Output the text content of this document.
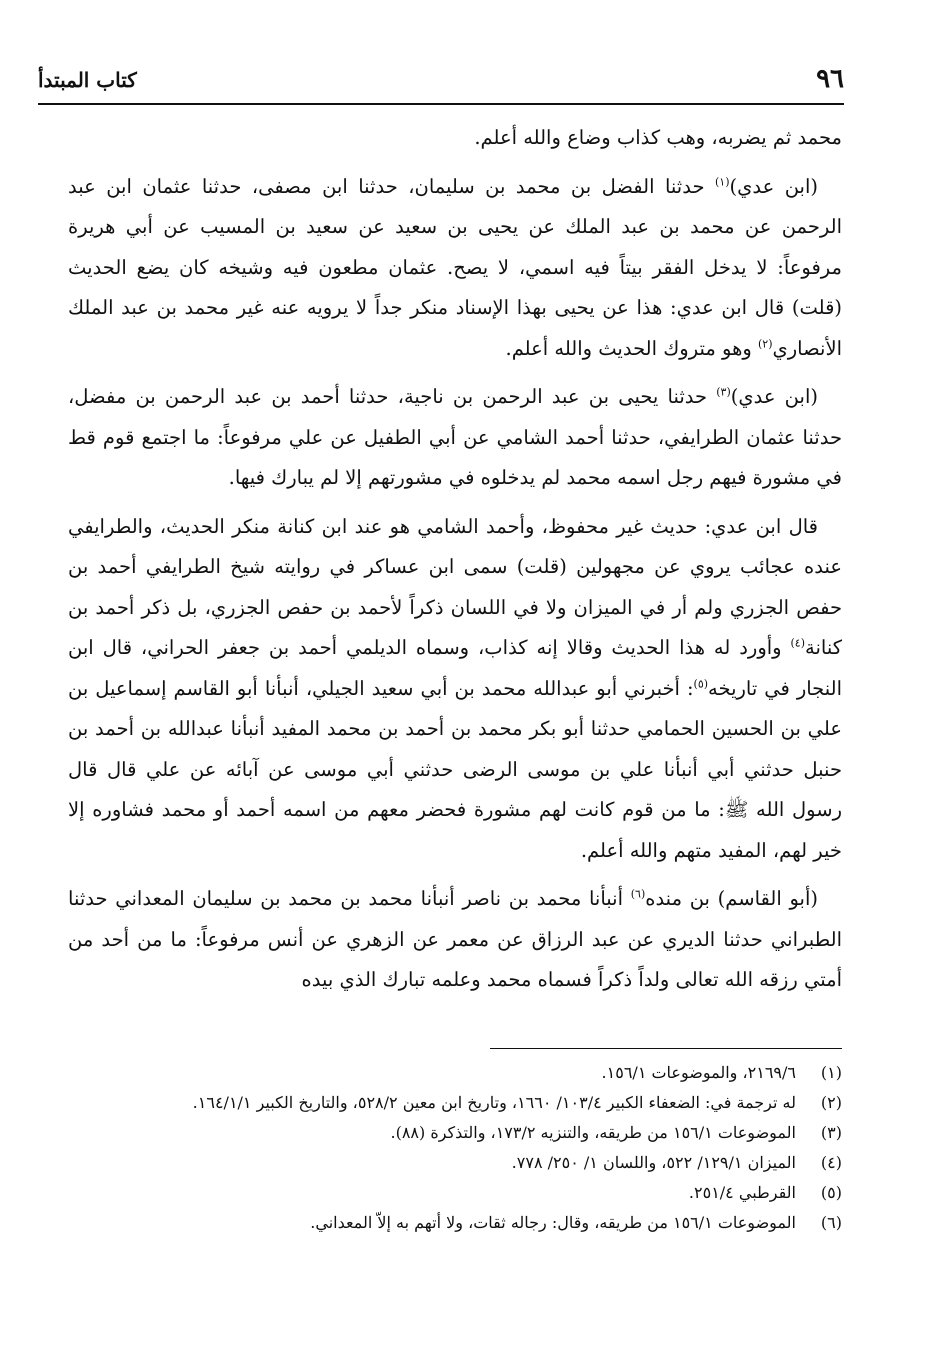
٩٦
كتاب المبتدأ

محمد ثم يضربه، وهب كذاب وضاع والله أعلم.

(ابن عدي)$^{(١)}$ حدثنا الفضل بن محمد بن سليمان، حدثنا ابن مصفى، حدثنا عثمان ابن عبد الرحمن عن محمد بن عبد الملك عن يحيى بن سعيد عن سعيد بن المسيب عن أبي هريرة مرفوعاً: لا يدخل الفقر بيتاً فيه اسمي، لا يصح. عثمان مطعون فيه وشيخه كان يضع الحديث (قلت) قال ابن عدي: هذا عن يحيى بهذا الإسناد منكر جداً لا يرويه عنه غير محمد بن عبد الملك الأنصاري$^{(٢)}$ وهو متروك الحديث والله أعلم.

(ابن عدي)$^{(٣)}$ حدثنا يحيى بن عبد الرحمن بن ناجية، حدثنا أحمد بن عبد الرحمن بن مفضل، حدثنا عثمان الطرايفي، حدثنا أحمد الشامي عن أبي الطفيل عن علي مرفوعاً: ما اجتمع قوم قط في مشورة فيهم رجل اسمه محمد لم يدخلوه في مشورتهم إلا لم يبارك فيها.

قال ابن عدي: حديث غير محفوظ، وأحمد الشامي هو عند ابن كنانة منكر الحديث، والطرايفي عنده عجائب يروي عن مجهولين (قلت) سمى ابن عساكر في روايته شيخ الطرايفي أحمد بن حفص الجزري ولم أر في الميزان ولا في اللسان ذكراً لأحمد بن حفص الجزري، بل ذكر أحمد بن كنانة$^{(٤)}$ وأورد له هذا الحديث وقالا إنه كذاب، وسماه الديلمي أحمد بن جعفر الحراني، قال ابن النجار في تاريخه$^{(٥)}$: أخبرني أبو عبدالله محمد بن أبي سعيد الجيلي، أنبأنا أبو القاسم إسماعيل بن علي بن الحسين الحمامي حدثنا أبو بكر محمد بن أحمد بن محمد المفيد أنبأنا عبدالله بن أحمد بن حنبل حدثني أبي أنبأنا علي بن موسى الرضى حدثني أبي موسى عن آبائه عن علي قال قال رسول الله ﷺ: ما من قوم كانت لهم مشورة فحضر معهم من اسمه أحمد أو محمد فشاوره إلا خير لهم، المفيد متهم والله أعلم.

(أبو القاسم) بن منده$^{(٦)}$ أنبأنا محمد بن ناصر أنبأنا محمد بن محمد بن سليمان المعداني حدثنا الطبراني حدثنا الديري عن عبد الرزاق عن معمر عن الزهري عن أنس مرفوعاً: ما من أحد من أمتي رزقه الله تعالى ولداً ذكراً فسماه محمد وعلمه تبارك الذي بيده

(١)
٢١٦٩/٦، والموضوعات ١٥٦/١.
(٢)
له ترجمة في: الضعفاء الكبير ١٠٣/٤/ ١٦٦٠، وتاريخ ابن معين ٥٢٨/٢، والتاريخ الكبير ١٦٤/١/١.
(٣)
الموضوعات ١٥٦/١ من طريقه، والتنزيه ١٧٣/٢، والتذكرة (٨٨).
(٤)
الميزان ١٢٩/١/ ٥٢٢، واللسان ١/ ٢٥٠/ ٧٧٨.
(٥)
القرطبي ٢٥١/٤.
(٦)
الموضوعات ١٥٦/١ من طريقه، وقال: رجاله ثقات، ولا أتهم به إلاّ المعداني.
